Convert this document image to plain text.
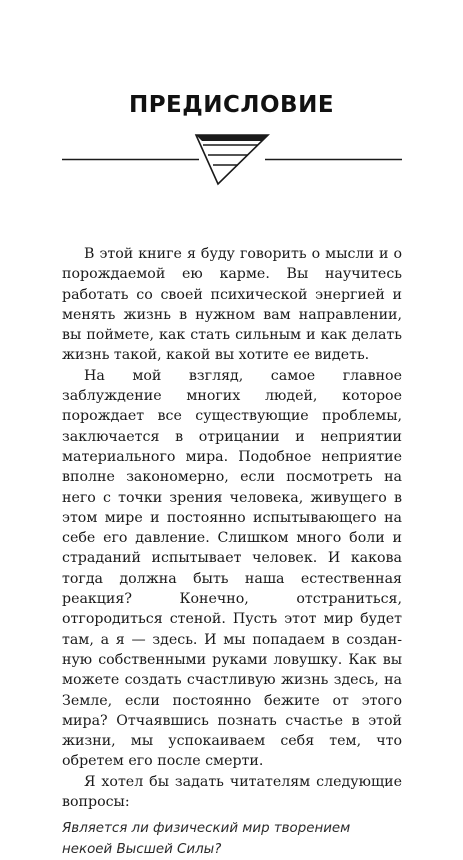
ПРЕДИСЛОВИЕ

В этой книге я буду говорить о мысли и о порождаемой ею карме. Вы научитесь работать со своей психической энергией и менять жизнь в нужном вам направлении, вы поймете, как стать сильным и как делать жизнь такой, какой вы хотите ее видеть.

На мой взгляд, самое главное заблуждение многих людей, которое порождает все существующие проблемы, заключается в отрицании и неприятии материального мира. Подобное неприятие вполне закономерно, если посмотреть на него с точки зрения человека, живущего в этом мире и постоянно испытывающего на себе его давление. Слишком много боли и страданий испытывает человек. И какова тогда должна быть наша естественная реакция? Конечно, отстраниться, отгородиться стеной. Пусть этот мир будет там, а я — здесь. И мы попадаем в созданную собственными руками ловушку. Как вы можете создать счастливую жизнь здесь, на Земле, если постоянно бежите от этого мира? Отчаявшись познать счастье в этой жизни, мы успокаиваем себя тем, что обретем его после смерти.

Я хотел бы задать читателям следующие вопросы:

Является ли физический мир творением некоей Высшей Силы?
